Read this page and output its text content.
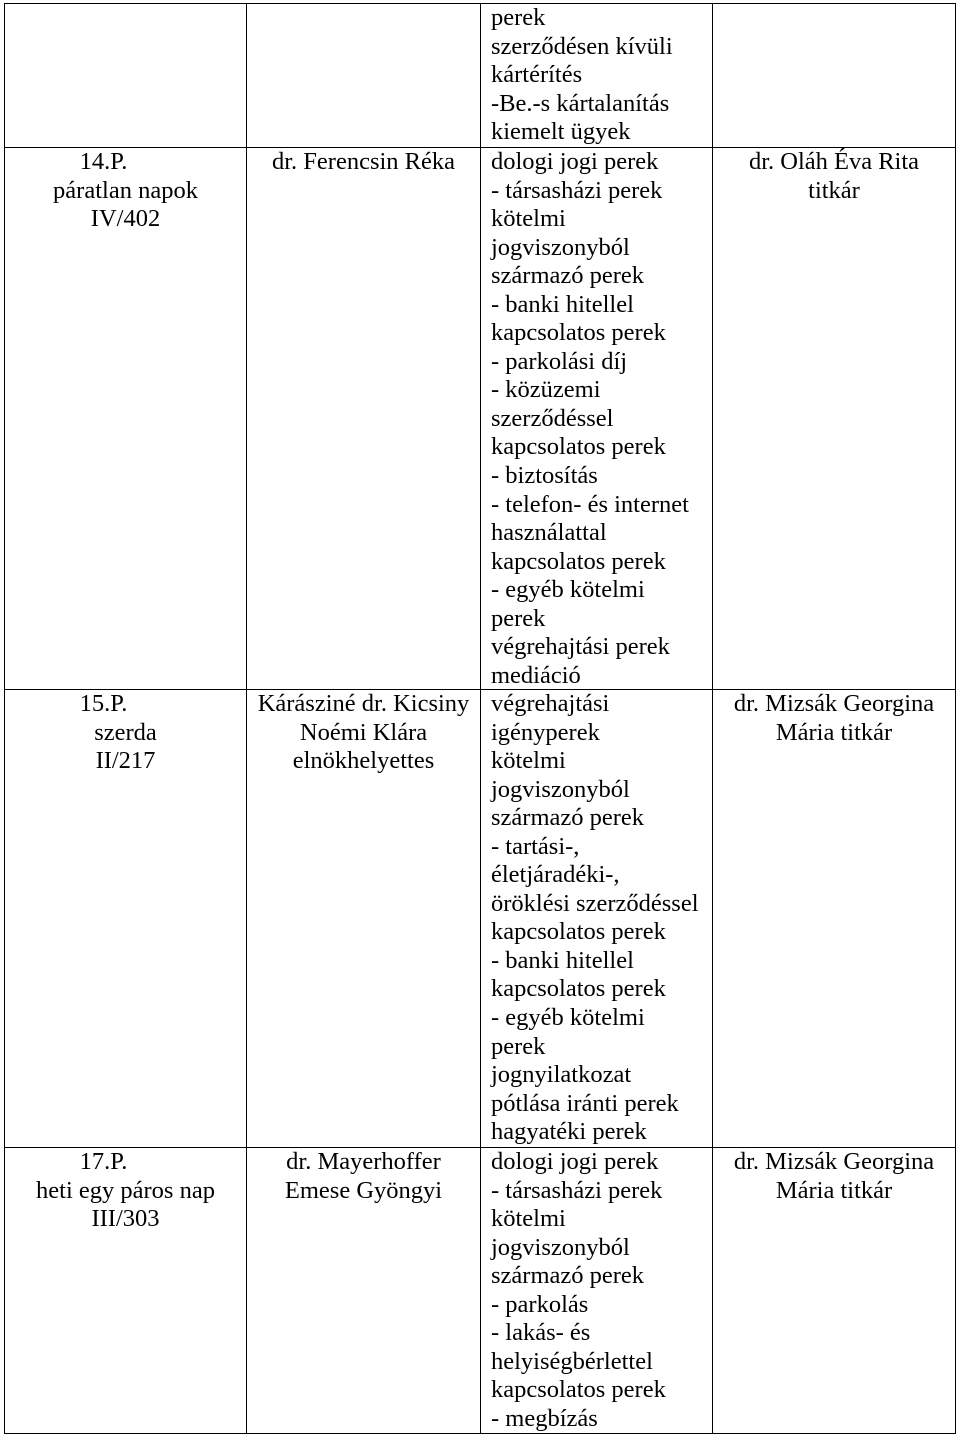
perek
szerződésen kívüli
kártérítés
-Be.-s kártalanítás
kiemelt ügyek
14.P.
páratlan napok
IV/402
dr. Ferencsin Réka	dologi jogi perek
- társasházi perek
kötelmi
jogviszonyból
származó perek
- banki hitellel
kapcsolatos perek
- parkolási díj
- közüzemi
szerződéssel
kapcsolatos perek
- biztosítás
- telefon- és internet
használattal
kapcsolatos perek
- egyéb kötelmi
perek
végrehajtási perek
mediáció
dr. Oláh Éva Rita
titkár
15.P.
szerda
II/217
Kárásziné dr. Kicsiny
Noémi Klára
elnökhelyettes
végrehajtási
igényperek
kötelmi
jogviszonyból
származó perek
- tartási-,
életjáradéki-,
öröklési szerződéssel
kapcsolatos perek
- banki hitellel
kapcsolatos perek
- egyéb kötelmi
perek
jognyilatkozat
pótlása iránti perek
hagyatéki perek
dr. Mizsák Georgina
Mária titkár
17.P.
heti egy páros nap
III/303
dr. Mayerhoffer
Emese Gyöngyi
dologi jogi perek
- társasházi perek
kötelmi
jogviszonyból
származó perek
- parkolás
- lakás- és
helyiségbérlettel
kapcsolatos perek
- megbízás
dr. Mizsák Georgina
Mária titkár
